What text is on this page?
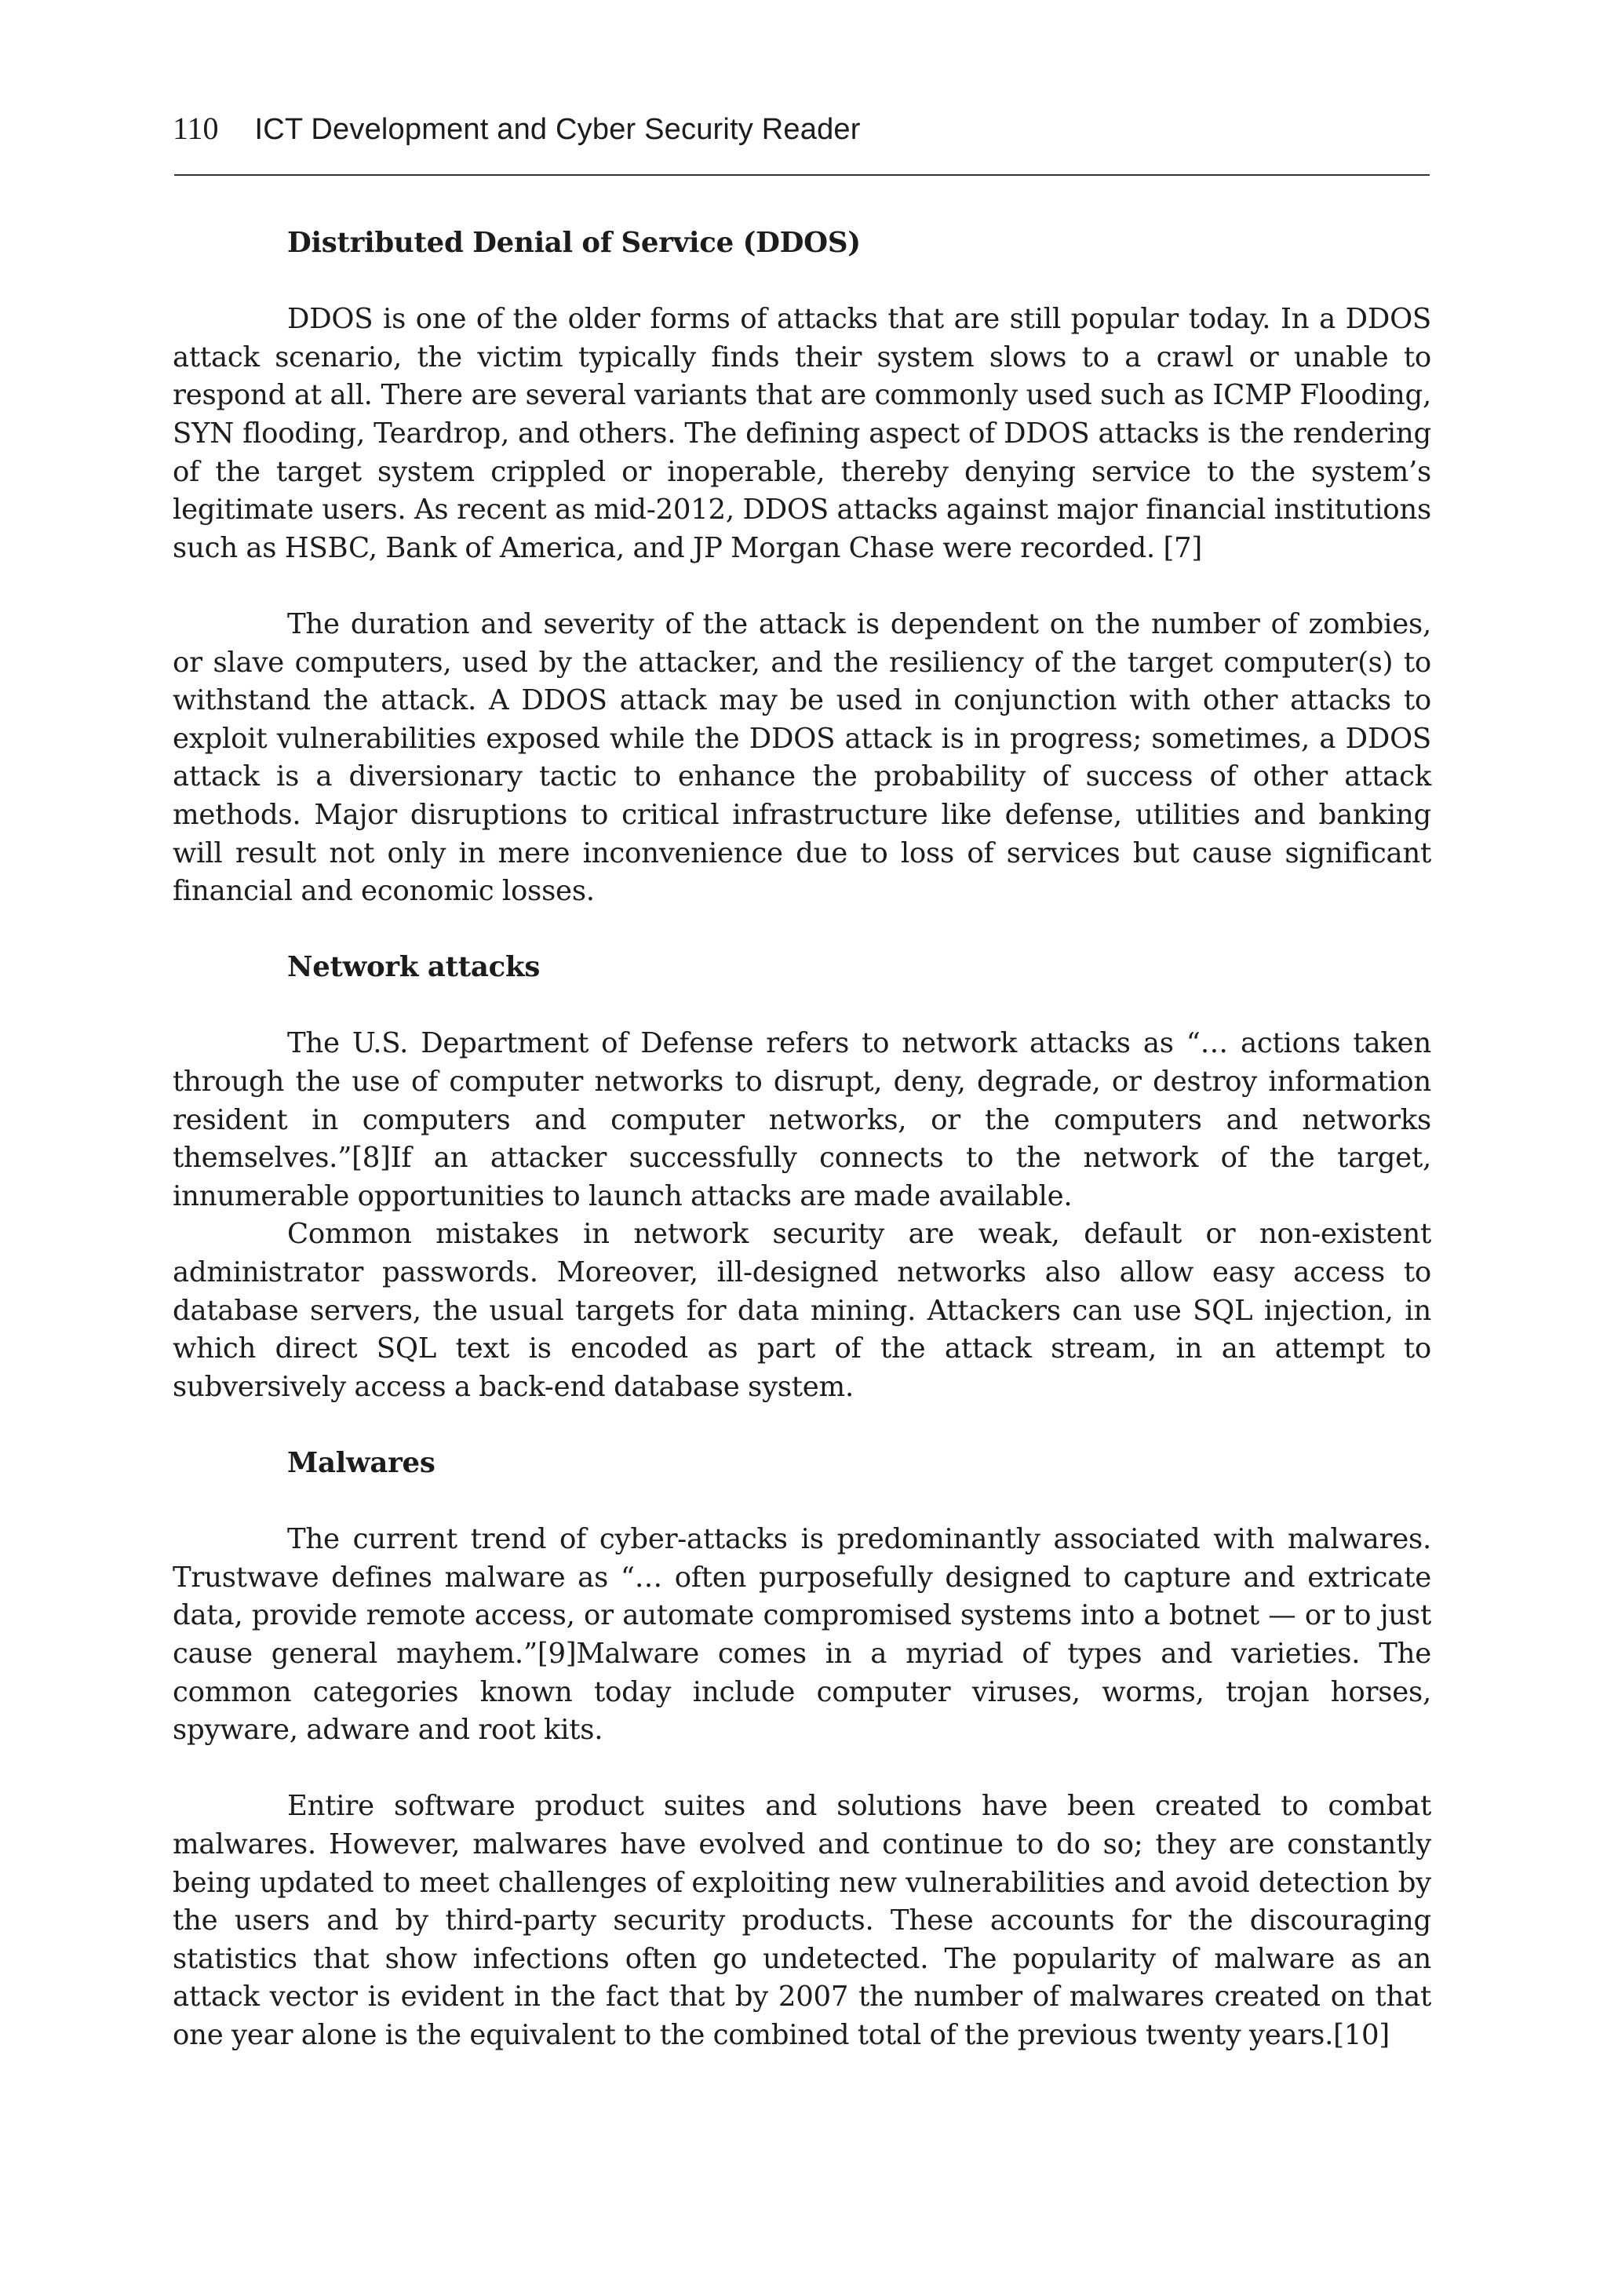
110 ICT Development and Cyber Security Reader
Distributed Denial of Service (DDOS)

DDOS is one of the older forms of attacks that are still popular today. In a DDOS attack scenario, the victim typically finds their system slows to a crawl or unable to respond at all. There are several variants that are commonly used such as ICMP Flooding, SYN flooding, Teardrop, and others. The defining aspect of DDOS attacks is the rendering of the target system crippled or inoperable, thereby denying service to the system’s legitimate users. As recent as mid-2012, DDOS attacks against major financial institutions such as HSBC, Bank of America, and JP Morgan Chase were recorded. [7]

The duration and severity of the attack is dependent on the number of zombies, or slave computers, used by the attacker, and the resiliency of the target computer(s) to withstand the attack. A DDOS attack may be used in conjunction with other attacks to exploit vulnerabilities exposed while the DDOS attack is in progress; sometimes, a DDOS attack is a diversionary tactic to enhance the probability of success of other attack methods. Major disruptions to critical infrastructure like defense, utilities and banking will result not only in mere inconvenience due to loss of services but cause significant financial and economic losses.

Network attacks

The U.S. Department of Defense refers to network attacks as “… actions taken through the use of computer networks to disrupt, deny, degrade, or destroy information resident in computers and computer networks, or the computers and networks themselves.”[8]If an attacker successfully connects to the network of the target, innumerable opportunities to launch attacks are made available.

Common mistakes in network security are weak, default or non-existent administrator passwords. Moreover, ill-designed networks also allow easy access to database servers, the usual targets for data mining. Attackers can use SQL injection, in which direct SQL text is encoded as part of the attack stream, in an attempt to subversively access a back-end database system.

Malwares

The current trend of cyber-attacks is predominantly associated with malwares. Trustwave defines malware as “… often purposefully designed to capture and extricate data, provide remote access, or automate compromised systems into a botnet — or to just cause general mayhem.”[9]Malware comes in a myriad of types and varieties. The common categories known today include computer viruses, worms, trojan horses, spyware, adware and root kits.

Entire software product suites and solutions have been created to combat malwares. However, malwares have evolved and continue to do so; they are constantly being updated to meet challenges of exploiting new vulnerabilities and avoid detection by the users and by third-party security products. These accounts for the discouraging statistics that show infections often go undetected. The popularity of malware as an attack vector is evident in the fact that by 2007 the number of malwares created on that one year alone is the equivalent to the combined total of the previous twenty years.[10]
